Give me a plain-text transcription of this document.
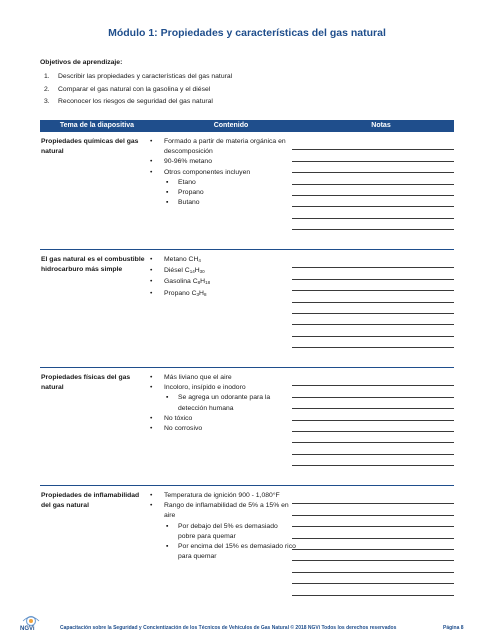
Módulo 1: Propiedades y características del gas natural
Objetivos de aprendizaje:
1. Describir las propiedades y características del gas natural
2. Comparar el gas natural con la gasolina y el diésel
3. Reconocer los riesgos de seguridad del gas natural
Tema de la diapositiva	Contenido	Notas
Propiedades químicas del gas natural
• Formado a partir de materia orgánica en descomposición
• 90-96% metano
• Otros componentes incluyen
▪ Etano
▪ Propano
▪ Butano
El gas natural es el combustible hidrocarburo más simple
• Metano $CH_4$
• Diésel $C_{14}H_{30}$
• Gasolina $C_8H_{18}$
• Propano $C_3H_8$
Propiedades físicas del gas natural
• Más liviano que el aire
• Incoloro, insípido e inodoro
▪ Se agrega un odorante para la detección humana
• No tóxico
• No corrosivo
Propiedades de inflamabilidad del gas natural
• Temperatura de ignición 900 - 1,080°F
• Rango de inflamabilidad de 5% a 15% en aire
▪ Por debajo del 5% es demasiado pobre para quemar
▪ Por encima del 15% es demasiado rico para quemar
NGVi	Capacitación sobre la Seguridad y Concientización de los Técnicos de Vehículos de Gas Natural © 2018 NGVi Todos los derechos reservados	Página 8
